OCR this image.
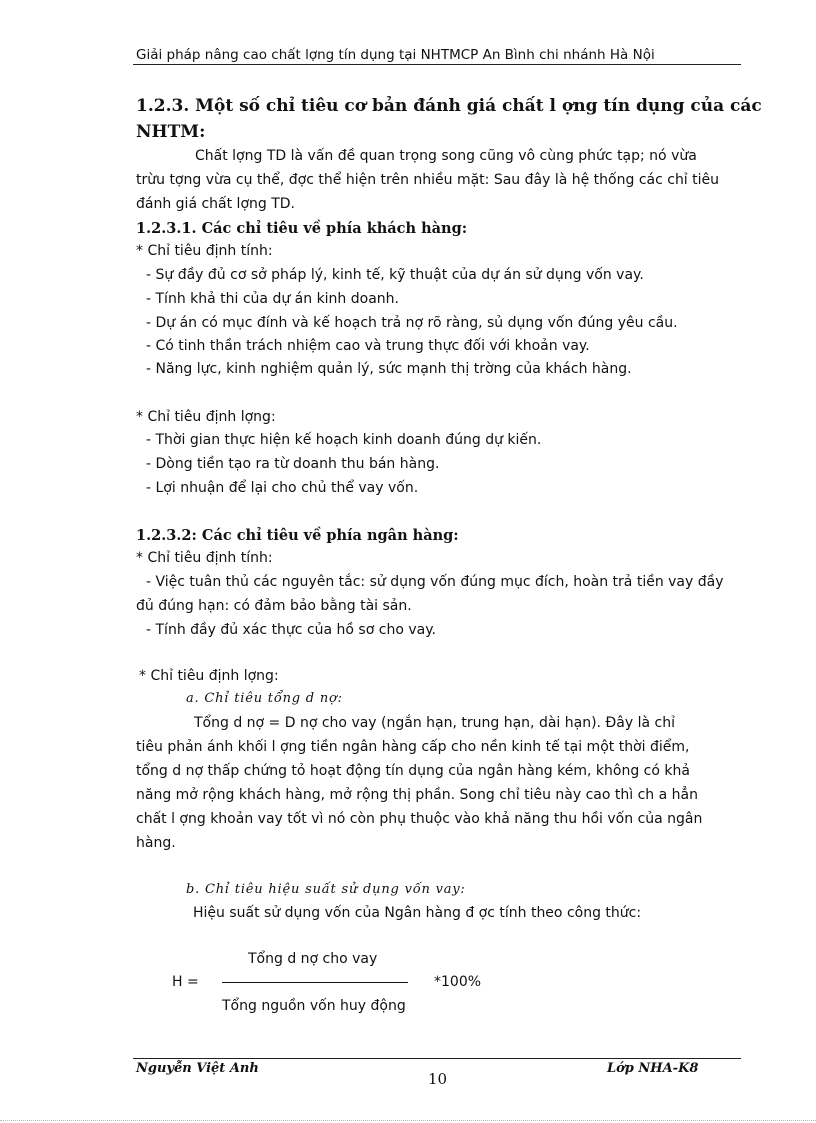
Giải pháp nâng cao chất lợng tín dụng tại NHTMCP An Bình chi nhánh Hà Nội
1.2.3. Một số chỉ tiêu cơ bản đánh giá chất l ợng tín dụng của các
NHTM:
Chất lợng TD là vấn đề quan trọng song cũng vô cùng phức tạp; nó vừa
trừu tợng vừa cụ thể, đợc thể hiện trên nhiều mặt: Sau đây là hệ thống các chỉ tiêu
đánh giá chất lợng TD.
1.2.3.1. Các chỉ tiêu về phía khách hàng:
* Chỉ tiêu định tính:
- Sự đầy đủ cơ sở pháp lý, kinh tế, kỹ thuật của dự án sử dụng vốn vay.
- Tính khả thi của dự án kinh doanh.
- Dự án có mục đính và kế hoạch trả nợ rõ ràng, sủ dụng vốn đúng yêu cầu.
- Có tinh thần trách nhiệm cao và trung thực đối với khoản vay.
- Năng lực, kinh nghiệm quản lý, sức mạnh thị trờng của khách hàng.
* Chỉ tiêu định lợng:
- Thời gian thực hiện kế hoạch kinh doanh đúng dự kiến.
- Dòng tiền tạo ra từ doanh thu bán hàng.
- Lợi nhuận để lại cho chủ thể vay vốn.
1.2.3.2: Các chỉ tiêu về phía ngân hàng:
* Chỉ tiêu định tính:
- Việc tuân thủ các nguyên tắc: sử dụng vốn đúng mục đích, hoàn trả tiền vay đầy
đủ đúng hạn: có đảm bảo bằng tài sản.
- Tính đầy đủ xác thực của hồ sơ cho vay.
* Chỉ tiêu định lợng:
a. Chỉ tiêu tổng d nợ:
Tổng d nợ = D nợ cho vay (ngắn hạn, trung hạn, dài hạn). Đây là chỉ
tiêu phản ánh khối l ợng tiền ngân hàng cấp cho nền kinh tế tại một thời điểm,
tổng d nợ thấp chứng tỏ hoạt động tín dụng của ngân hàng kém, không có khả
năng mở rộng khách hàng, mở rộng thị phần. Song chỉ tiêu này cao thì ch a hẳn
chất l ợng khoản vay tốt vì nó còn phụ thuộc vào khả năng thu hồi vốn của ngân
hàng.
b. Chỉ tiêu hiệu suất sử dụng vốn vay:
Hiệu suất sử dụng vốn của Ngân hàng đ ợc tính theo công thức:
Tổng d nợ cho vay
H =	*100%
Tổng nguồn vốn huy động
Nguyễn Việt Anh
10
Lớp NHA-K8
